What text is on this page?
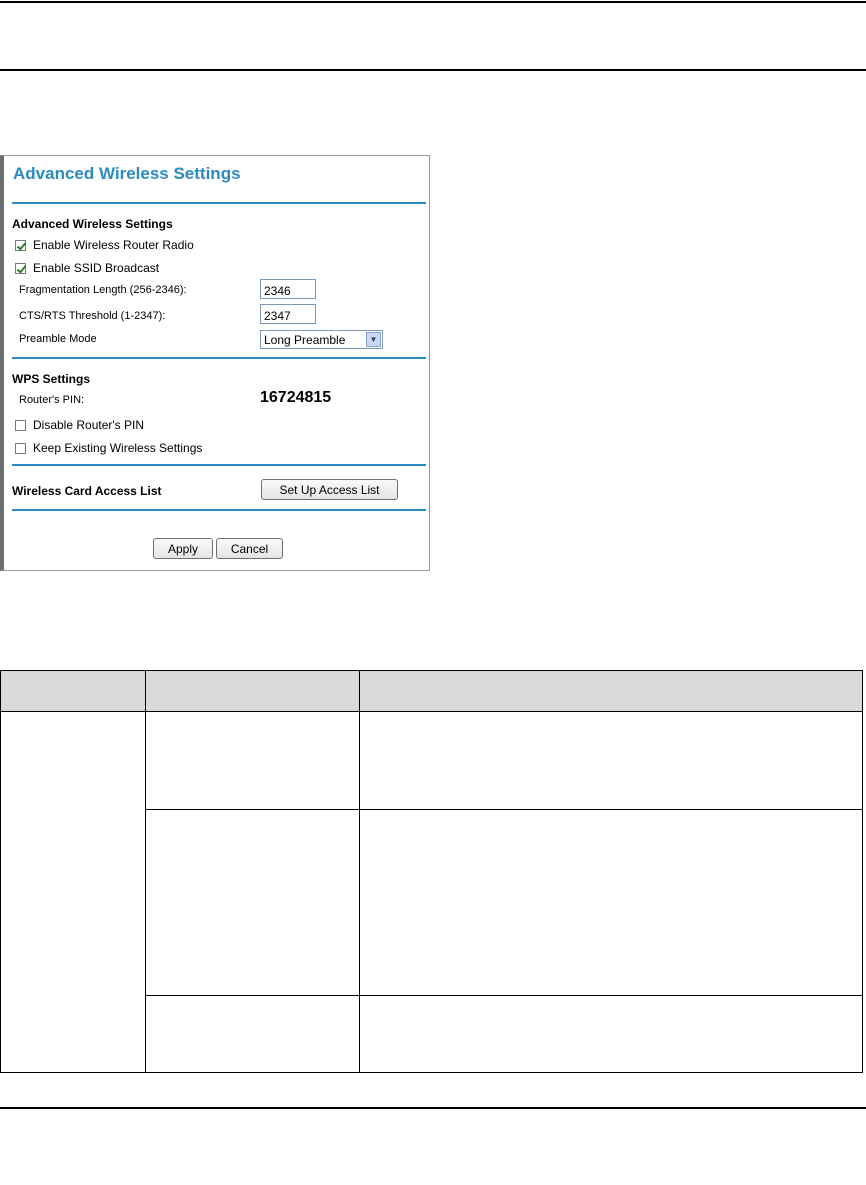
Advanced Wireless Settings
Advanced Wireless Settings
Enable Wireless Router Radio
Enable SSID Broadcast
Fragmentation Length (256-2346):
2346
CTS/RTS Threshold (1-2347):
2347
Preamble Mode	Long Preamble	▼
WPS Settings
Router's PIN:	16724815
Disable Router's PIN
Keep Existing Wireless Settings
Wireless Card Access List	Set Up Access List
Apply	Cancel
